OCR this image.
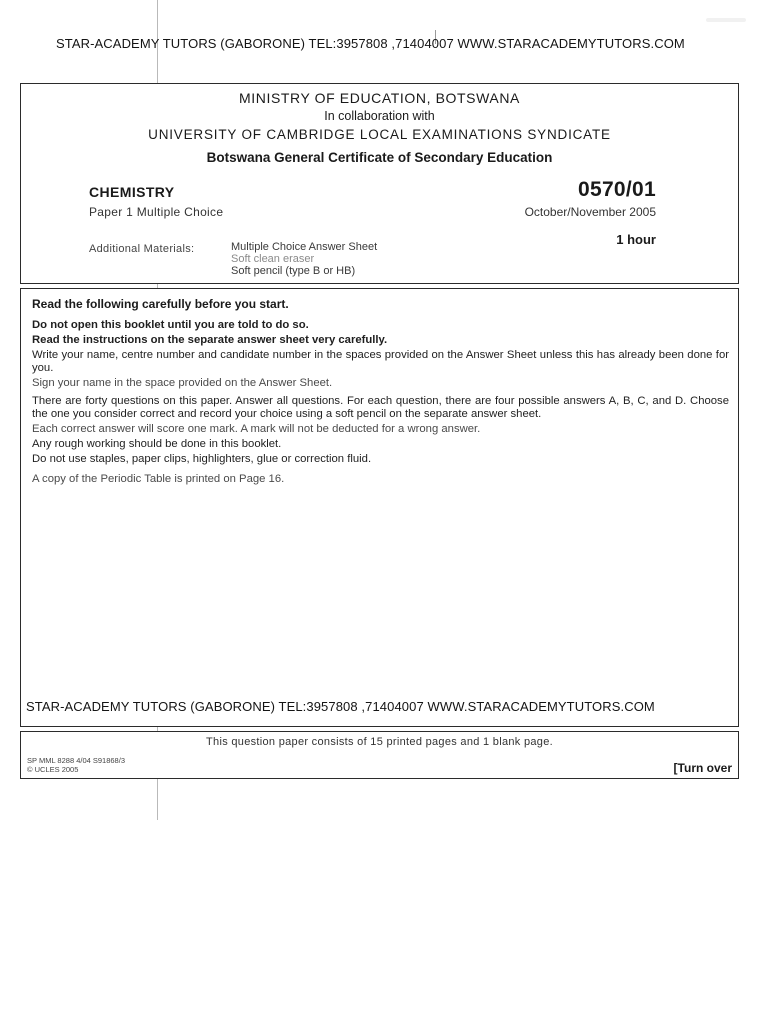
STAR-ACADEMY TUTORS (GABORONE) TEL:3957808 ,71404007 WWW.STARACADEMYTUTORS.COM
MINISTRY OF EDUCATION, BOTSWANA
In collaboration with
UNIVERSITY OF CAMBRIDGE LOCAL EXAMINATIONS SYNDICATE
Botswana General Certificate of Secondary Education
CHEMISTRY	0570/01
Paper 1 Multiple Choice	October/November 2005
1 hour
Additional Materials:	Multiple Choice Answer Sheet
Soft clean eraser
Soft pencil (type B or HB)
Read the following carefully before you start.
Do not open this booklet until you are told to do so.
Read the instructions on the separate answer sheet very carefully.
Write your name, centre number and candidate number in the spaces provided on the Answer Sheet unless this has already been done for you.
Sign your name in the space provided on the Answer Sheet.
There are forty questions on this paper. Answer all questions. For each question, there are four possible answers A, B, C, and D. Choose the one you consider correct and record your choice using a soft pencil on the separate answer sheet.
Each correct answer will score one mark. A mark will not be deducted for a wrong answer.
Any rough working should be done in this booklet.
Do not use staples, paper clips, highlighters, glue or correction fluid.
A copy of the Periodic Table is printed on Page 16.
STAR-ACADEMY TUTORS (GABORONE) TEL:3957808 ,71404007 WWW.STARACADEMYTUTORS.COM
This question paper consists of 15 printed pages and 1 blank page.
SP MML 8288 4/04 S91868/3
© UCLES 2005	[Turn over
